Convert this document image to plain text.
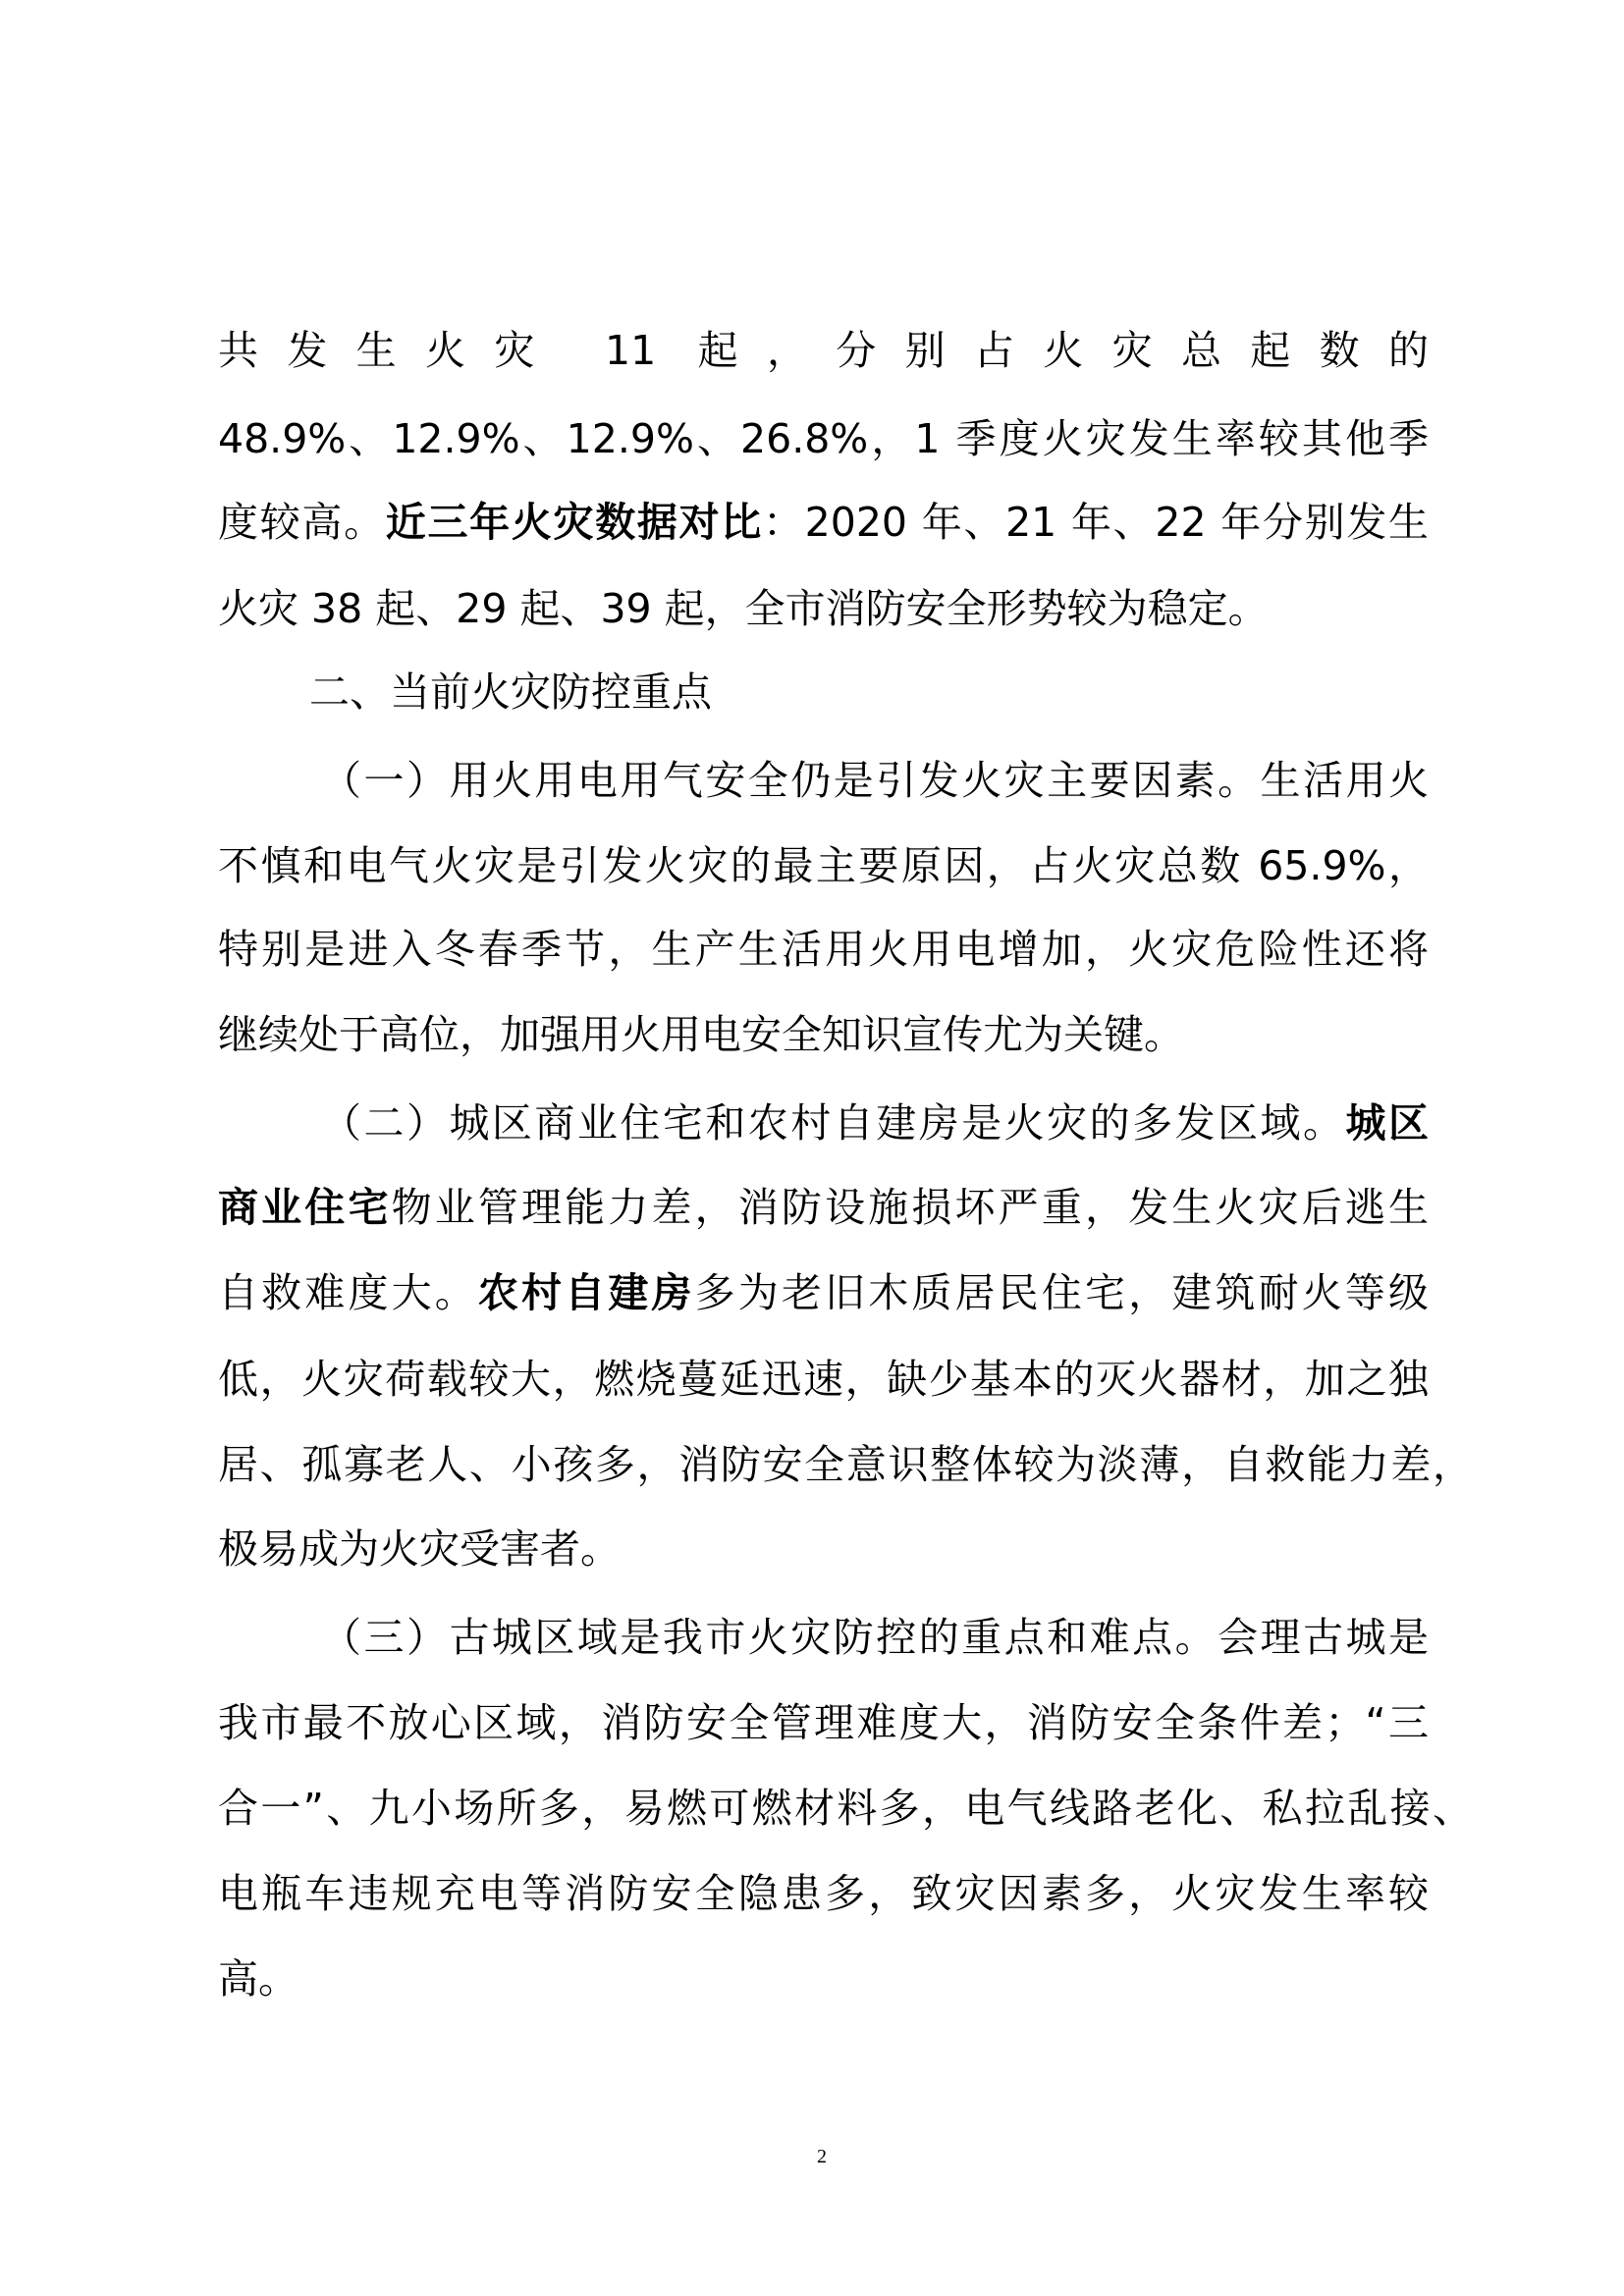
共发生火灾 11 起，分别占火灾总起数的
48.9%、12.9%、12.9%、26.8%，1 季度火灾发生率较其他季
度较高。近三年火灾数据对比：2020 年、21 年、22 年分别发生
火灾 38 起、29 起、39 起，全市消防安全形势较为稳定。
二、当前火灾防控重点
（一）用火用电用气安全仍是引发火灾主要因素。生活用火
不慎和电气火灾是引发火灾的最主要原因，占火灾总数 65.9%，
特别是进入冬春季节，生产生活用火用电增加，火灾危险性还将
继续处于高位，加强用火用电安全知识宣传尤为关键。
（二）城区商业住宅和农村自建房是火灾的多发区域。城区
商业住宅物业管理能力差，消防设施损坏严重，发生火灾后逃生
自救难度大。农村自建房多为老旧木质居民住宅，建筑耐火等级
低，火灾荷载较大，燃烧蔓延迅速，缺少基本的灭火器材，加之独
居、孤寡老人、小孩多，消防安全意识整体较为淡薄，自救能力差，
极易成为火灾受害者。
（三）古城区域是我市火灾防控的重点和难点。会理古城是
我市最不放心区域，消防安全管理难度大，消防安全条件差；“三
合一”、九小场所多，易燃可燃材料多，电气线路老化、私拉乱接、
电瓶车违规充电等消防安全隐患多，致灾因素多，火灾发生率较
高。
2
